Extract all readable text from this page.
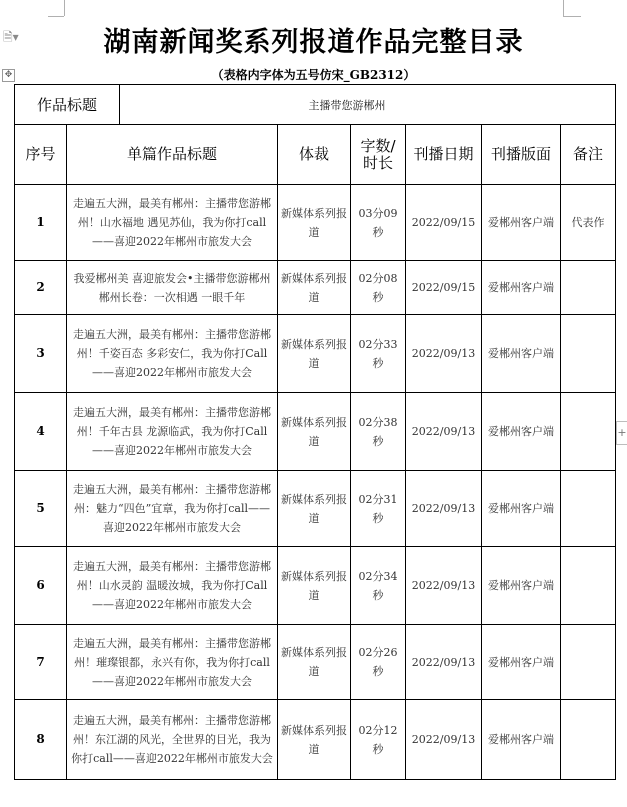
🗎▾
✥
+
湖南新闻奖系列报道作品完整目录
（表格内字体为五号仿宋_GB2312）
作品标题		主播带您游郴州				
序号	单篇作品标题	体裁	字数/时长	刊播日期	刊播版面	备注
1	走遍五大洲，最美有郴州：主播带您游郴州！山水福地 遇见苏仙，我为你打call——喜迎2022年郴州市旅发大会	新媒体系列报道	03分09秒	2022/09/15	爱郴州客户端	代表作
2	我爱郴州美 喜迎旅发会•主播带您游郴州 郴州长卷：一次相遇 一眼千年	新媒体系列报道	02分08秒	2022/09/15	爱郴州客户端	
3	走遍五大洲，最美有郴州：主播带您游郴州！千姿百态 多彩安仁，我为你打Call——喜迎2022年郴州市旅发大会	新媒体系列报道	02分33秒	2022/09/13	爱郴州客户端	
4	走遍五大洲，最美有郴州：主播带您游郴州！千年古县 龙源临武，我为你打Call——喜迎2022年郴州市旅发大会	新媒体系列报道	02分38秒	2022/09/13	爱郴州客户端	
5	走遍五大洲，最美有郴州：主播带您游郴州：魅力“四色”宜章，我为你打call——喜迎2022年郴州市旅发大会	新媒体系列报道	02分31秒	2022/09/13	爱郴州客户端	
6	走遍五大洲，最美有郴州：主播带您游郴州！山水灵韵 温暖汝城，我为你打Call——喜迎2022年郴州市旅发大会	新媒体系列报道	02分34秒	2022/09/13	爱郴州客户端	
7	走遍五大洲，最美有郴州：主播带您游郴州！璀璨银都，永兴有你，我为你打call——喜迎2022年郴州市旅发大会	新媒体系列报道	02分26秒	2022/09/13	爱郴州客户端	
8	走遍五大洲，最美有郴州：主播带您游郴州！东江湖的风光，全世界的目光，我为你打call——喜迎2022年郴州市旅发大会	新媒体系列报道	02分12秒	2022/09/13	爱郴州客户端	
